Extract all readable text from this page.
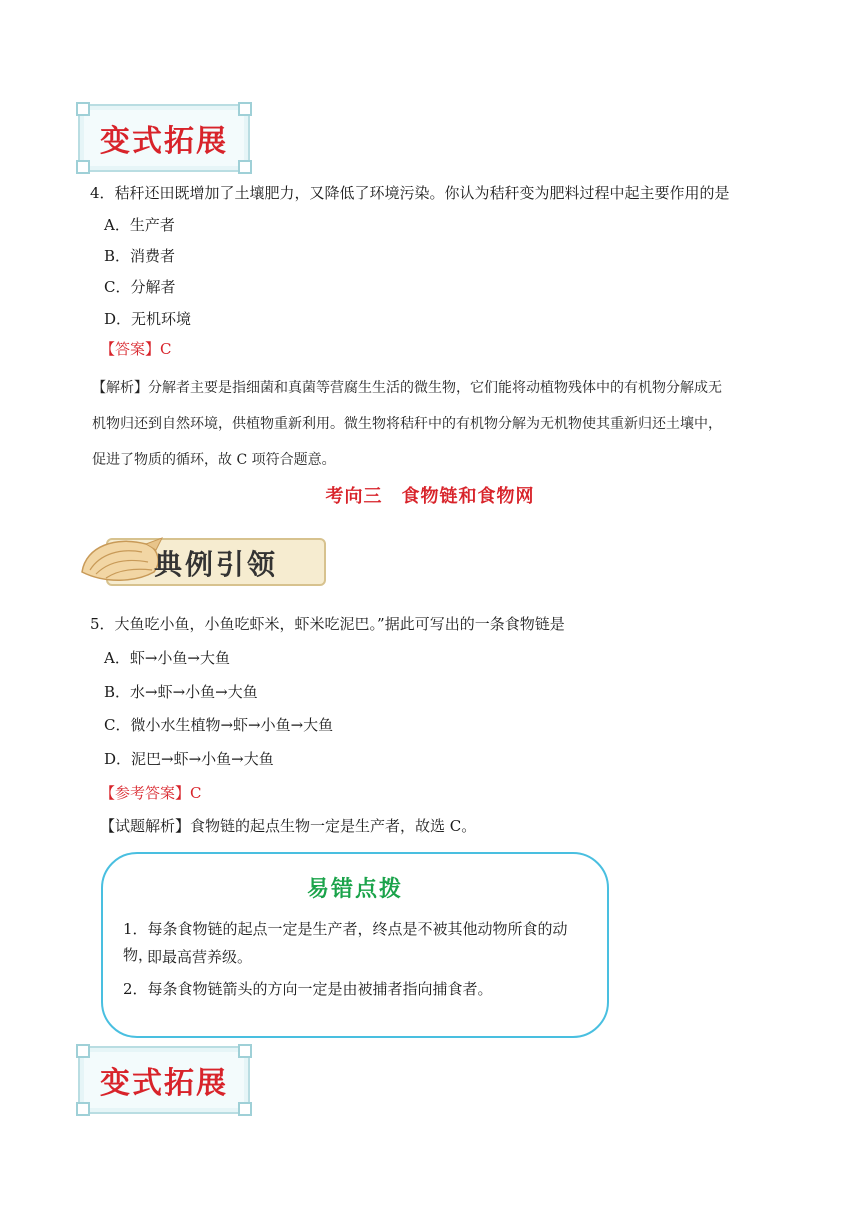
变式拓展
4．秸秆还田既增加了土壤肥力，又降低了环境污染。你认为秸秆变为肥料过程中起主要作用的是
A．生产者
B．消费者
C．分解者
D．无机环境
【答案】C
【解析】分解者主要是指细菌和真菌等营腐生生活的微生物，它们能将动植物残体中的有机物分解成无
机物归还到自然环境，供植物重新利用。微生物将秸秆中的有机物分解为无机物使其重新归还土壤中，
促进了物质的循环，故 C 项符合题意。
考向三　食物链和食物网
典例引领
5．大鱼吃小鱼，小鱼吃虾米，虾米吃泥巴。”据此可写出的一条食物链是
A．虾→小鱼→大鱼
B．水→虾→小鱼→大鱼
C．微小水生植物→虾→小鱼→大鱼
D．泥巴→虾→小鱼→大鱼
【参考答案】C
【试题解析】食物链的起点生物一定是生产者，故选 C。
易错点拨
1．每条食物链的起点一定是生产者，终点是不被其他动物所食的动物，
即最高营养级。
2．每条食物链箭头的方向一定是由被捕者指向捕食者。
变式拓展
